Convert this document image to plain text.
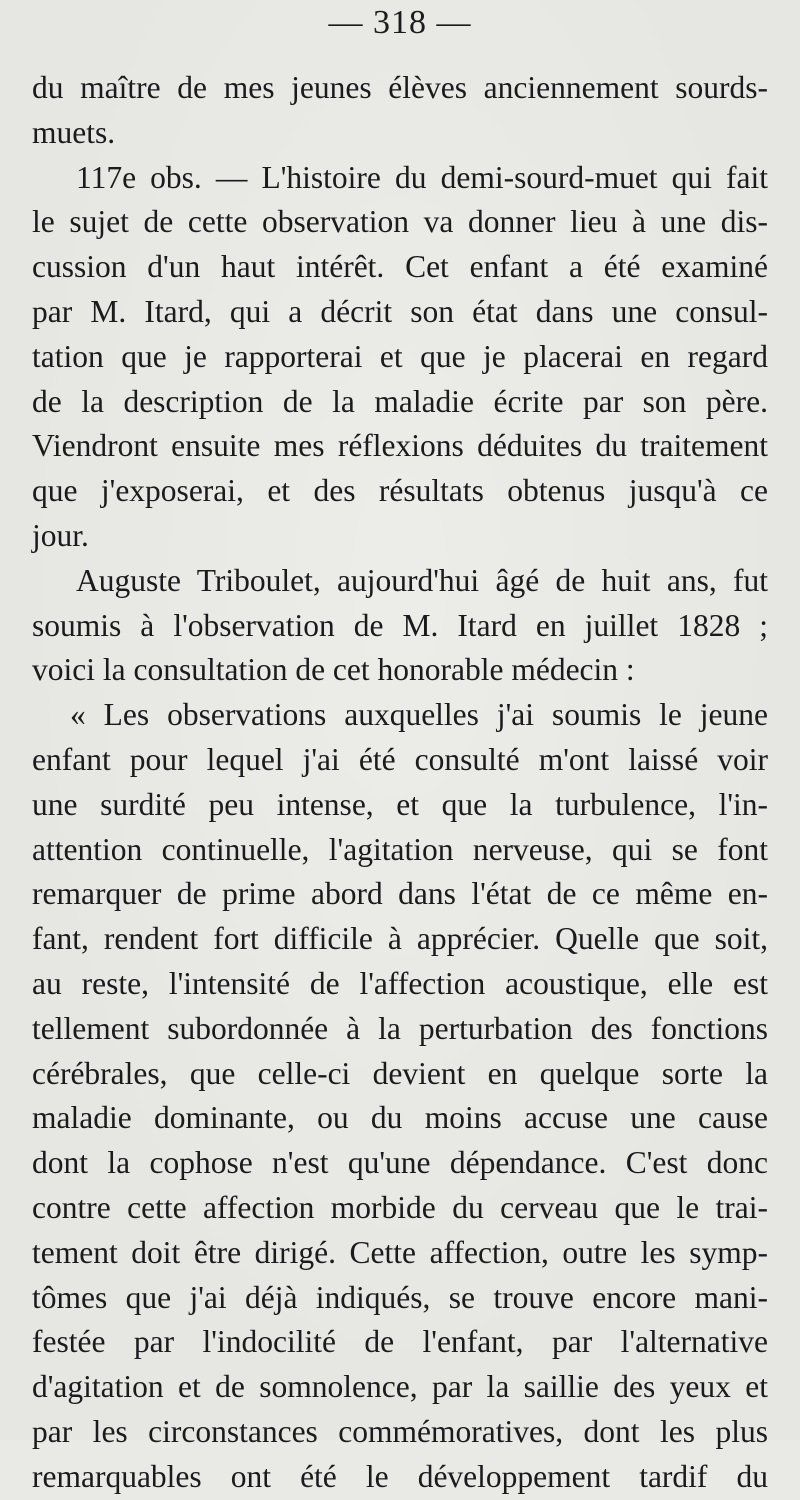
— 318 —
du maître de mes jeunes élèves anciennement sourds-
muets.
117e obs. — L'histoire du demi-sourd-muet qui fait
le sujet de cette observation va donner lieu à une dis-
cussion d'un haut intérêt. Cet enfant a été examiné
par M. Itard, qui a décrit son état dans une consul-
tation que je rapporterai et que je placerai en regard
de la description de la maladie écrite par son père.
Viendront ensuite mes réflexions déduites du traitement
que j'exposerai, et des résultats obtenus jusqu'à ce
jour.
Auguste Triboulet, aujourd'hui âgé de huit ans, fut
soumis à l'observation de M. Itard en juillet 1828 ;
voici la consultation de cet honorable médecin :
« Les observations auxquelles j'ai soumis le jeune
enfant pour lequel j'ai été consulté m'ont laissé voir
une surdité peu intense, et que la turbulence, l'in-
attention continuelle, l'agitation nerveuse, qui se font
remarquer de prime abord dans l'état de ce même en-
fant, rendent fort difficile à apprécier. Quelle que soit,
au reste, l'intensité de l'affection acoustique, elle est
tellement subordonnée à la perturbation des fonctions
cérébrales, que celle-ci devient en quelque sorte la
maladie dominante, ou du moins accuse une cause
dont la cophose n'est qu'une dépendance. C'est donc
contre cette affection morbide du cerveau que le trai-
tement doit être dirigé. Cette affection, outre les symp-
tômes que j'ai déjà indiqués, se trouve encore mani-
festée par l'indocilité de l'enfant, par l'alternative
d'agitation et de somnolence, par la saillie des yeux et
par les circonstances commémoratives, dont les plus
remarquables ont été le développement tardif du
